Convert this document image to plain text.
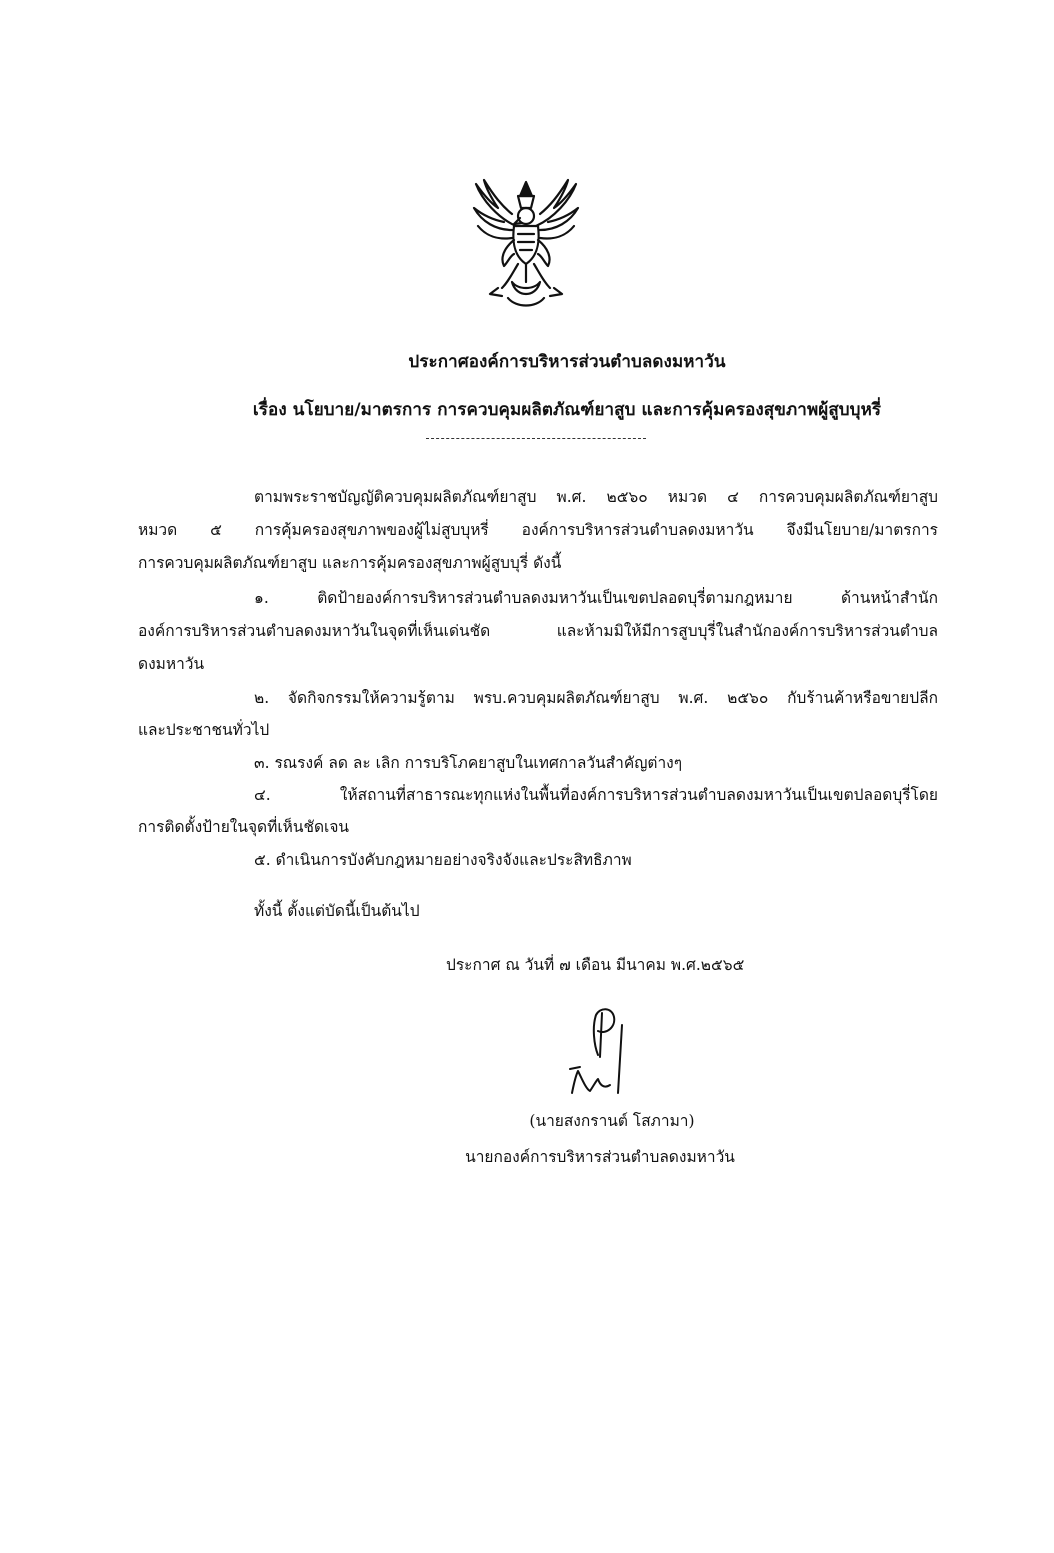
ประกาศองค์การบริหารส่วนตำบลดงมหาวัน
เรื่อง นโยบาย/มาตรการ การควบคุมผลิตภัณฑ์ยาสูบ และการคุ้มครองสุขภาพผู้สูบบุหรี่
ตามพระราชบัญญัติควบคุมผลิตภัณฑ์ยาสูบ พ.ศ. ๒๕๖๐ หมวด ๔ การควบคุมผลิตภัณฑ์ยาสูบ
หมวด ๕ การคุ้มครองสุขภาพของผู้ไม่สูบบุหรี่ องค์การบริหารส่วนตำบลดงมหาวัน จึงมีนโยบาย/มาตรการ
การควบคุมผลิตภัณฑ์ยาสูบ และการคุ้มครองสุขภาพผู้สูบบุรี่ ดังนี้
๑. ติดป้ายองค์การบริหารส่วนตำบลดงมหาวันเป็นเขตปลอดบุรี่ตามกฎหมาย ด้านหน้าสำนัก
องค์การบริหารส่วนตำบลดงมหาวันในจุดที่เห็นเด่นชัด และห้ามมิให้มีการสูบบุรี่ในสำนักองค์การบริหารส่วนตำบล
ดงมหาวัน
๒. จัดกิจกรรมให้ความรู้ตาม พรบ.ควบคุมผลิตภัณฑ์ยาสูบ พ.ศ. ๒๕๖๐ กับร้านค้าหรือขายปลีก
และประชาชนทั่วไป
๓. รณรงค์ ลด ละ เลิก การบริโภคยาสูบในเทศกาลวันสำคัญต่างๆ
๔. ให้สถานที่สาธารณะทุกแห่งในพื้นที่องค์การบริหารส่วนตำบลดงมหาวันเป็นเขตปลอดบุรี่โดย
การติดตั้งป้ายในจุดที่เห็นชัดเจน
๕. ดำเนินการบังคับกฎหมายอย่างจริงจังและประสิทธิภาพ
ทั้งนี้ ตั้งแต่บัดนี้เป็นต้นไป
ประกาศ ณ วันที่ ๗ เดือน มีนาคม พ.ศ.๒๕๖๕
(นายสงกรานต์ โสภามา)
นายกองค์การบริหารส่วนตำบลดงมหาวัน
